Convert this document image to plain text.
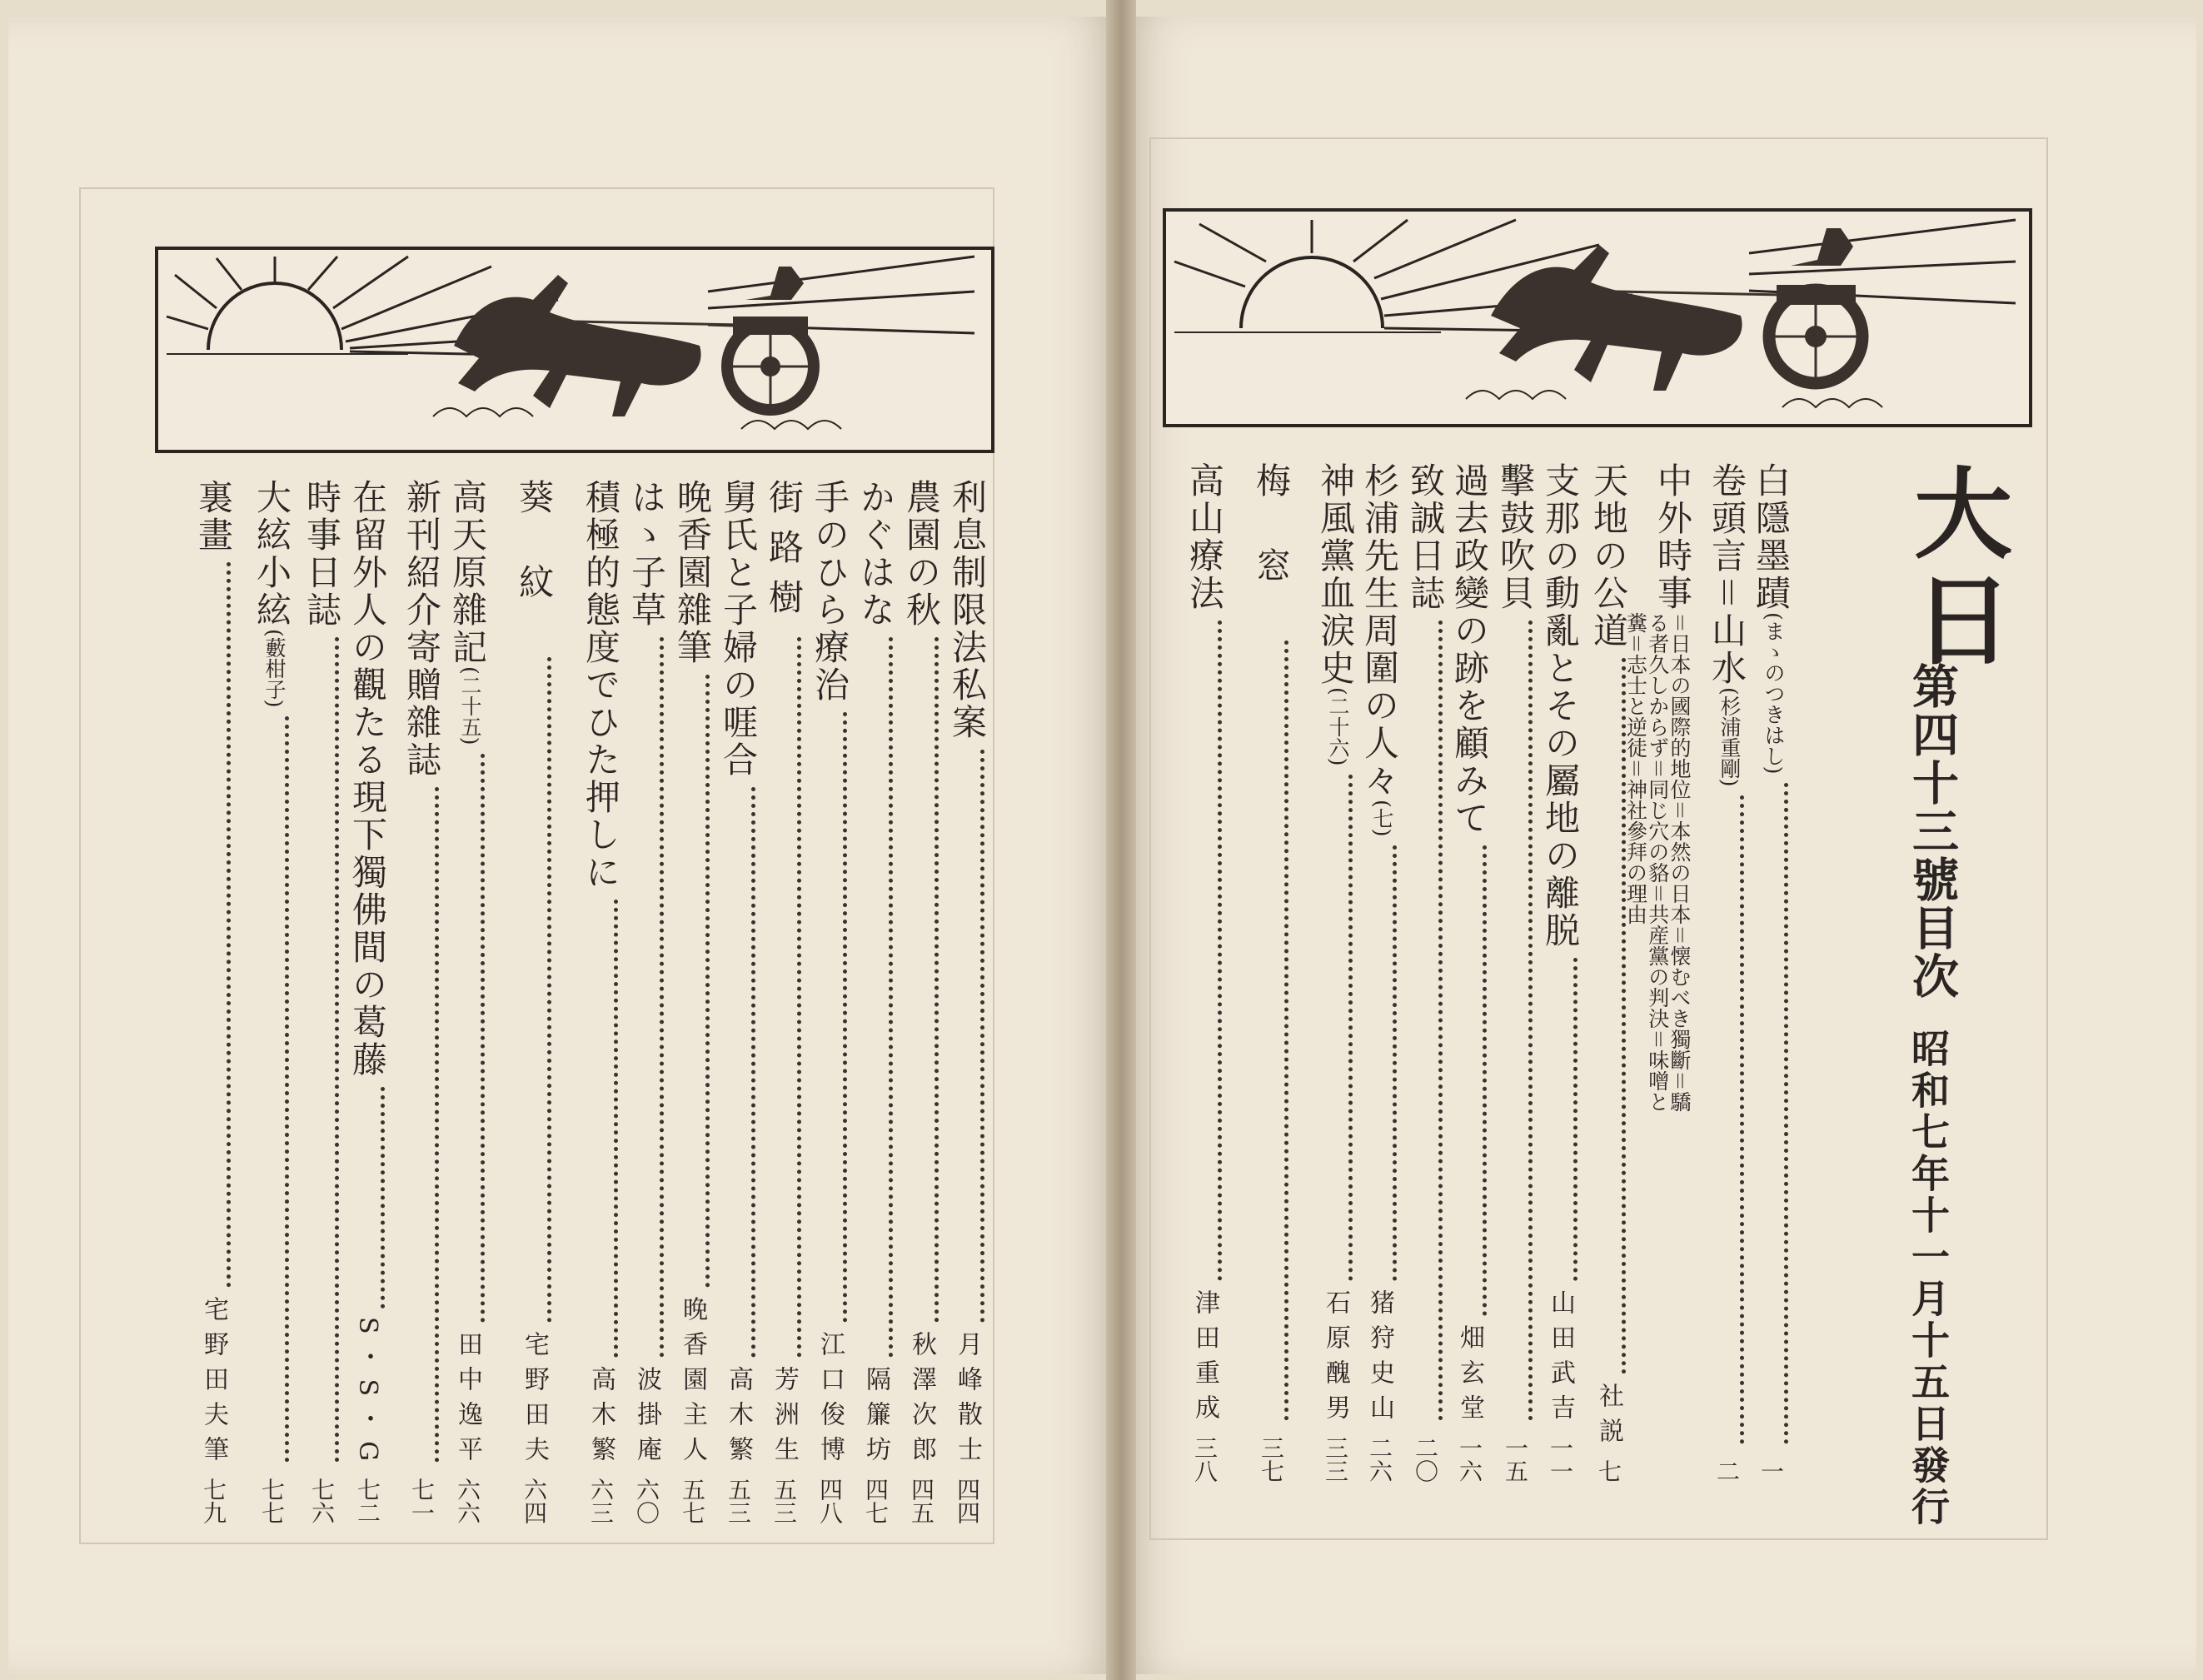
大日
第四十三號目次
昭和七年十一月十五日發行
白隱墨蹟
(まゝのつきはし)
一
卷頭言＝山水
(杉浦重剛)
二
中外時事
＝日本の國際的地位＝本然の日本＝懐むべき獨斷＝驕る者久しからず＝同じ穴の貉＝共産黨の判決＝味噌と糞＝志士と逆徒＝神社參拜の理由
天地の公道
社説
七
支那の動亂とその屬地の離脱
山田武吉
一一
擊鼓吹貝
一五
過去政變の跡を顧みて
畑玄堂
一六
致誠日誌
二〇
杉浦先生周圍の人々
(七)
猪狩史山
二六
神風黨血涙史
(二十六)
石原醜男
三三
梅窓
三七
高山療法
津田重成
三八
利息制限法私案
月峰散士
四四
農園の秋
秋澤次郎
四五
かぐはな
隔簾坊
四七
手のひら療治
江口俊博
四八
街路樹
芳洲生
五三
舅氏と子婦の啀合
高木繁
五三
晚香園雜筆
晚香園主人
五七
はゝ子草
波掛庵
六〇
積極的態度でひた押しに
高木繁
六三
葵紋
宅野田夫
六四
高天原雜記
(二十五)
田中逸平
六六
新刊紹介寄贈雜誌
七一
在留外人の觀たる現下獨佛間の葛藤
S・S・G
七二
時事日誌
七六
大絃小絃
(藪柑子)
七七
裏畫
宅野田夫筆
七九
